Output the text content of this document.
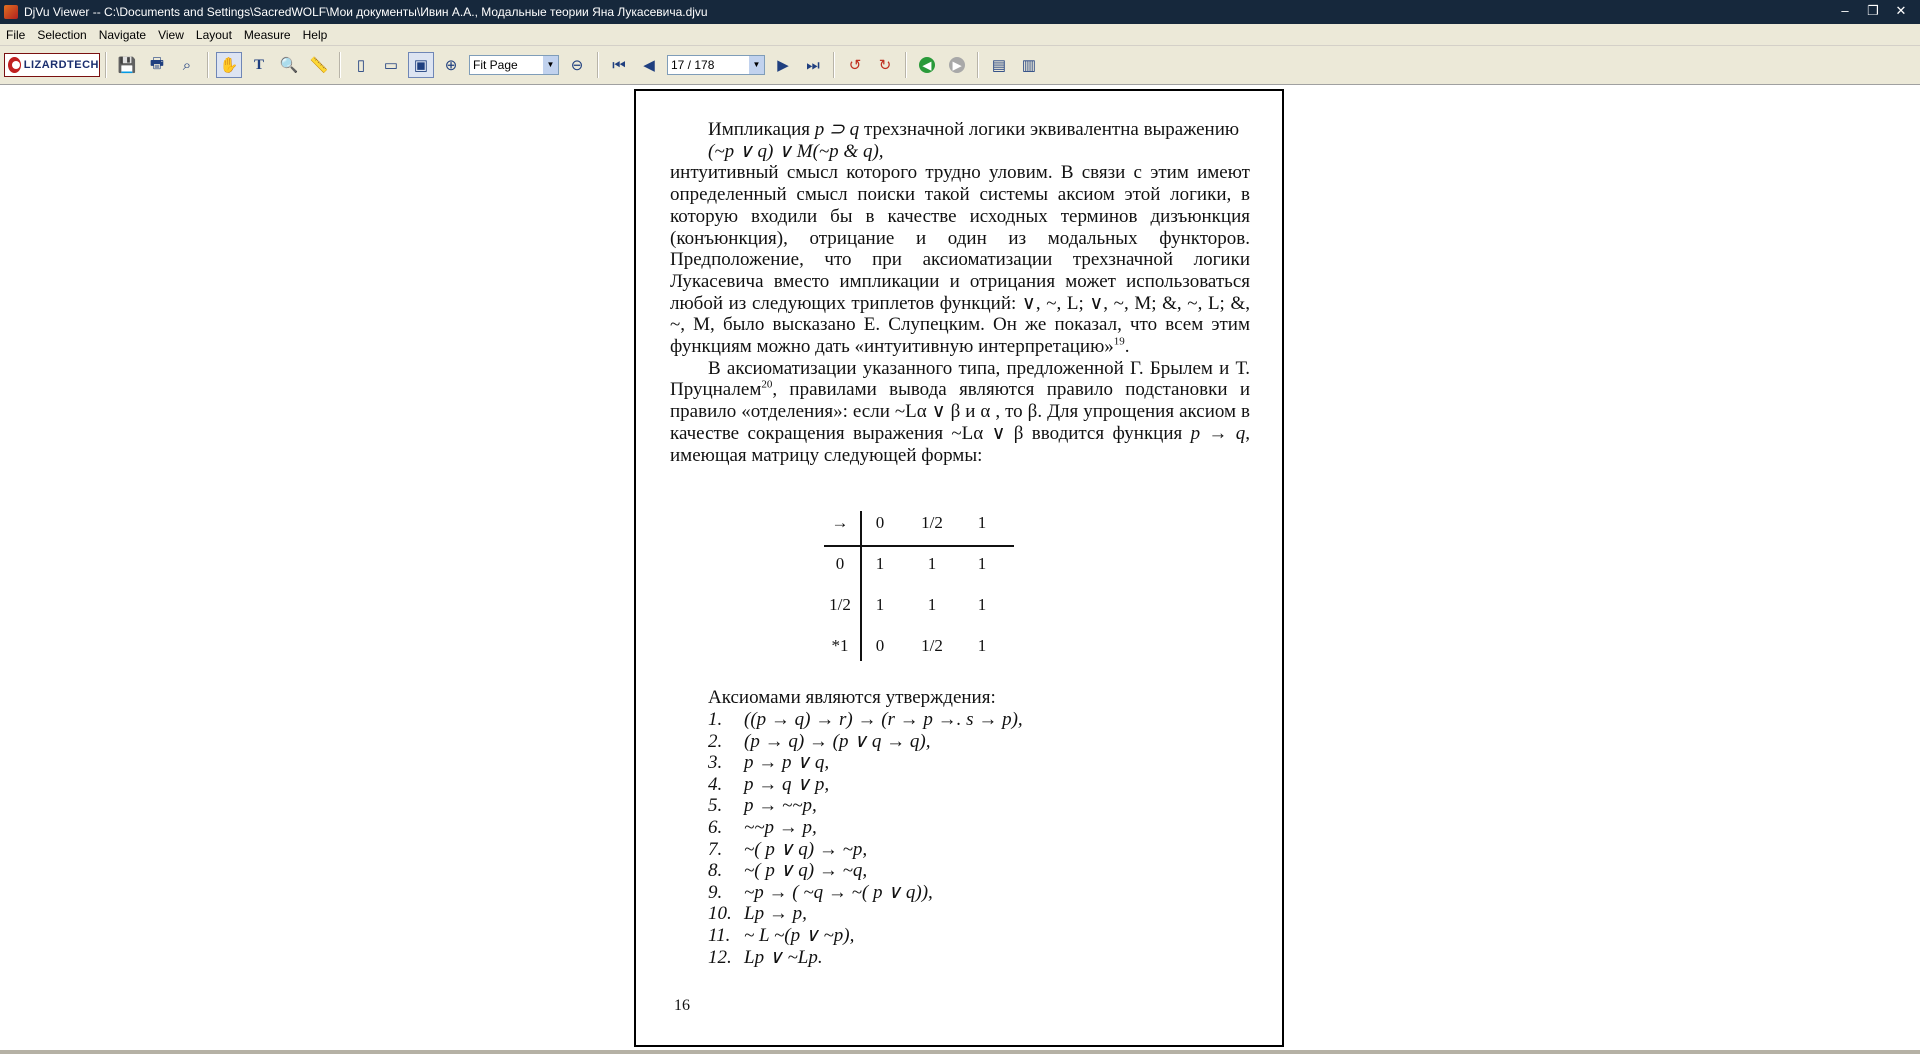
DjVu Viewer -- C:\Documents and Settings\SacredWOLF\Мои документы\Ивин А.А., Модальные теории Яна Лукасевича.djvu	–	❐	✕
File	Selection	Navigate	View	Layout	Measure	Help
LIZARDTECH 💾 🖶	⌕	✋	T	🔍 📏	▯	▭	▣	⊕	Fit Page	▼	⊖	⏮	◀	17 / 178	▼	▶	⏭	↺	↻	◀	▶	▤	▥

Импликация p ⊃ q трехзначной логики эквивалентна выражению

(~p ∨ q) ∨ M(~p & q),

интуитивный смысл которого трудно уловим. В связи с этим имеют определенный смысл поиски такой системы аксиом этой логики, в которую входили бы в качестве исходных терминов дизъюнкция (конъюнкция), отрицание и один из модальных функторов. Предположение, что при аксиоматизации трехзначной логики Лукасевича вместо импликации и отрицания может использоваться любой из следующих триплетов функций: ∨, ~, L; ∨, ~, M; &, ~, L; &, ~, M, было высказано Е. Слупецким. Он же показал, что всем этим функциям можно дать «интуитивную интерпретацию»$^{19}$.

В аксиоматизации указанного типа, предложенной Г. Брылем и Т. Пруцналем$^{20}$, правилами вывода являются правило подстановки и правило «отделения»: если ~Lα ∨ β и α , то β. Для упрощения аксиом в качестве сокращения выражения ~Lα ∨ β вводится функция p → q, имеющая матрицу следующей формы:

→	0	1/2	1
0	1	1	1
1/2	1	1	1
*1	0	1/2	1
Аксиомами являются утверждения:
1.	((p → q) → r) → (r → p →. s → p),
2.	(p → q) → (p ∨ q → q),
3.	p → p ∨ q,
4.	p → q ∨ p,
5.	p → ~~p,
6.	~~p → p,
7.	~( p ∨ q) → ~p,
8.	~( p ∨ q) → ~q,
9.	~p → ( ~q → ~( p ∨ q)),
10. Lp → p,
11. ~ L ~(p ∨ ~p),
12. Lp ∨ ~Lp.
16
